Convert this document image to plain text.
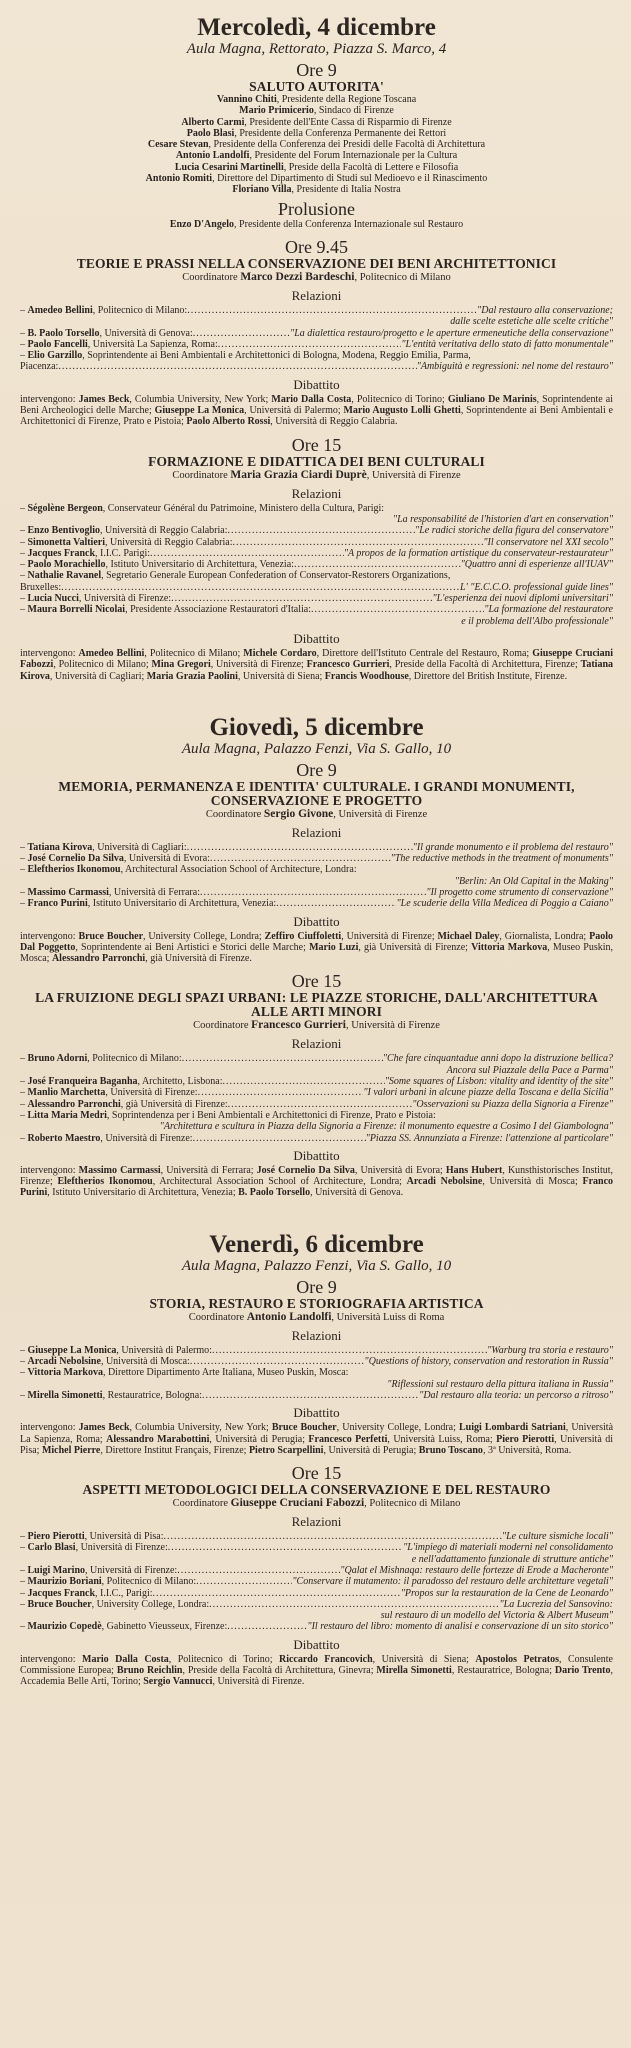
Mercoledì, 4 dicembre
Aula Magna, Rettorato, Piazza S. Marco, 4
Ore 9
SALUTO AUTORITA'
Vannino Chiti, Presidente della Regione Toscana
Mario Primicerio, Sindaco di Firenze
Alberto Carmi, Presidente dell'Ente Cassa di Risparmio di Firenze
Paolo Blasi, Presidente della Conferenza Permanente dei Rettori
Cesare Stevan, Presidente della Conferenza dei Presidi delle Facoltà di Architettura
Antonio Landolfi, Presidente del Forum Internazionale per la Cultura
Lucia Cesarini Martinelli, Preside della Facoltà di Lettere e Filosofia
Antonio Romiti, Direttore del Dipartimento di Studi sul Medioevo e il Rinascimento
Floriano Villa, Presidente di Italia Nostra
Prolusione
Enzo D'Angelo, Presidente della Conferenza Internazionale sul Restauro
Ore 9.45
TEORIE E PRASSI NELLA CONSERVAZIONE DEI BENI ARCHITETTONICI
Coordinatore Marco Dezzi Bardeschi, Politecnico di Milano
Relazioni
– Amedeo Bellini, Politecnico di Milano: .....	"Dal restauro alla conservazione;
dalle scelte estetiche alle scelte critiche"
– B. Paolo Torsello, Università di Genova: .....	"La dialettica restauro/progetto e le aperture ermeneutiche della conservazione"
– Paolo Fancelli, Università La Sapienza, Roma: .....	"L'entità veritativa dello stato di fatto monumentale"
– Elio Garzillo, Soprintendente ai Beni Ambientali e Architettonici di Bologna, Modena, Reggio Emilia, Parma,
Piacenza: .....	"Ambiguità e regressioni: nel nome del restauro"
Dibattito
intervengono: James Beck, Columbia University, New York; Mario Dalla Costa, Politecnico di Torino; Giuliano De Marinis, Soprintendente ai Beni Archeologici delle Marche; Giuseppe La Monica, Università di Palermo; Mario Augusto Lolli Ghetti, Soprintendente ai Beni Ambientali e Architettonici di Firenze, Prato e Pistoia; Paolo Alberto Rossi, Università di Reggio Calabria.
Ore 15
FORMAZIONE E DIDATTICA DEI BENI CULTURALI
Coordinatore Maria Grazia Ciardi Duprè, Università di Firenze
Relazioni
– Ségolène Bergeon, Conservateur Général du Patrimoine, Ministero della Cultura, Parigi:
"La responsabilité de l'historien d'art en conservation"
– Enzo Bentivoglio, Università di Reggio Calabria: .....	"Le radici storiche della figura del conservatore"
– Simonetta Valtieri, Università di Reggio Calabria: .....	"Il conservatore nel XXI secolo"
– Jacques Franck, I.I.C. Parigi: .....	"A propos de la formation artistique du conservateur-restaurateur"
– Paolo Morachiello, Istituto Universitario di Architettura, Venezia: .....	"Quattro anni di esperienze all'IUAV"
– Nathalie Ravanel, Segretario Generale European Confederation of Conservator-Restorers Organizations,
Bruxelles: .....	L' "E.C.C.O. professional guide lines"
– Lucia Nucci, Università di Firenze: .....	"L'esperienza dei nuovi diplomi universitari"
– Maura Borrelli Nicolai, Presidente Associazione Restauratori d'Italia: .....	"La formazione del restauratore
e il problema dell'Albo professionale"
Dibattito
intervengono: Amedeo Bellini, Politecnico di Milano; Michele Cordaro, Direttore dell'Istituto Centrale del Restauro, Roma; Giuseppe Cruciani Fabozzi, Politecnico di Milano; Mina Gregori, Università di Firenze; Francesco Gurrieri, Preside della Facoltà di Architettura, Firenze; Tatiana Kirova, Università di Cagliari; Maria Grazia Paolini, Università di Siena; Francis Woodhouse, Direttore del British Institute, Firenze.
Giovedì, 5 dicembre
Aula Magna, Palazzo Fenzi, Via S. Gallo, 10
Ore 9
MEMORIA, PERMANENZA E IDENTITA' CULTURALE. I GRANDI MONUMENTI, CONSERVAZIONE E PROGETTO
Coordinatore Sergio Givone, Università di Firenze
Relazioni
– Tatiana Kirova, Università di Cagliari: .....	"Il grande monumento e il problema del restauro"
– José Cornelio Da Silva, Università di Evora: .....	"The reductive methods in the treatment of monuments"
– Eleftherios Ikonomou, Architectural Association School of Architecture, Londra:
"Berlin: An Old Capital in the Making"
– Massimo Carmassi, Università di Ferrara: .....	"Il progetto come strumento di conservazione"
– Franco Purini, Istituto Universitario di Architettura, Venezia: .....	"Le scuderie della Villa Medicea di Poggio a Caiano"
Dibattito
intervengono: Bruce Boucher, University College, Londra; Zeffiro Ciuffoletti, Università di Firenze; Michael Daley, Giornalista, Londra; Paolo Dal Poggetto, Soprintendente ai Beni Artistici e Storici delle Marche; Mario Luzi, già Università di Firenze; Vittoria Markova, Museo Puskin, Mosca; Alessandro Parronchi, già Università di Firenze.
Ore 15
LA FRUIZIONE DEGLI SPAZI URBANI: LE PIAZZE STORICHE, DALL'ARCHITETTURA ALLE ARTI MINORI
Coordinatore Francesco Gurrieri, Università di Firenze
Relazioni
– Bruno Adorni, Politecnico di Milano: .....	"Che fare cinquantadue anni dopo la distruzione bellica?
Ancora sul Piazzale della Pace a Parma"
– José Franqueira Baganha, Architetto, Lisbona: .....	"Some squares of Lisbon: vitality and identity of the site"
– Manlio Marchetta, Università di Firenze: .....	"I valori urbani in alcune piazze della Toscana e della Sicilia"
– Alessandro Parronchi, già Università di Firenze: .....	"Osservazioni su Piazza della Signoria a Firenze"
– Litta Maria Medri, Soprintendenza per i Beni Ambientali e Architettonici di Firenze, Prato e Pistoia:
"Architettura e scultura in Piazza della Signoria a Firenze: il monumento equestre a Cosimo I del Giambologna"
– Roberto Maestro, Università di Firenze: .....	"Piazza SS. Annunziata a Firenze: l'attenzione al particolare"
Dibattito
intervengono: Massimo Carmassi, Università di Ferrara; José Cornelio Da Silva, Università di Evora; Hans Hubert, Kunsthistorisches Institut, Firenze; Eleftherios Ikonomou, Architectural Association School of Architecture, Londra; Arcadi Nebolsine, Università di Mosca; Franco Purini, Istituto Universitario di Architettura, Venezia; B. Paolo Torsello, Università di Genova.
Venerdì, 6 dicembre
Aula Magna, Palazzo Fenzi, Via S. Gallo, 10
Ore 9
STORIA, RESTAURO E STORIOGRAFIA ARTISTICA
Coordinatore Antonio Landolfi, Università Luiss di Roma
Relazioni
– Giuseppe La Monica, Università di Palermo: .....	"Warburg tra storia e restauro"
– Arcadi Nebolsine, Università di Mosca: .....	"Questions of history, conservation and restoration in Russia"
– Vittoria Markova, Direttore Dipartimento Arte Italiana, Museo Puskin, Mosca:
"Riflessioni sul restauro della pittura italiana in Russia"
– Mirella Simonetti, Restauratrice, Bologna: .....	"Dal restauro alla teoria: un percorso a ritroso"
Dibattito
intervengono: James Beck, Columbia University, New York; Bruce Boucher, University College, Londra; Luigi Lombardi Satriani, Università La Sapienza, Roma; Alessandro Marabottini, Università di Perugia; Francesco Perfetti, Università Luiss, Roma; Piero Pierotti, Università di Pisa; Michel Pierre, Direttore Institut Français, Firenze; Pietro Scarpellini, Università di Perugia; Bruno Toscano, 3ª Università, Roma.
Ore 15
ASPETTI METODOLOGICI DELLA CONSERVAZIONE E DEL RESTAURO
Coordinatore Giuseppe Cruciani Fabozzi, Politecnico di Milano
Relazioni
– Piero Pierotti, Università di Pisa: .....	"Le culture sismiche locali"
– Carlo Blasi, Università di Firenze: .....	"L'impiego di materiali moderni nel consolidamento
e nell'adattamento funzionale di strutture antiche"
– Luigi Marino, Università di Firenze: .....	"Qalat el Mishnaqa: restauro delle fortezze di Erode a Macheronte"
– Maurizio Boriani, Politecnico di Milano: .....	"Conservare il mutamento: il paradosso del restauro delle architetture vegetali"
– Jacques Franck, I.I.C., Parigi: .....	"Propos sur la restauration de la Cene de Leonardo"
– Bruce Boucher, University College, Londra: .....	"La Lucrezia del Sansovino:
sul restauro di un modello del Victoria & Albert Museum"
– Maurizio Copedè, Gabinetto Vieusseux, Firenze: .....	"Il restauro del libro: momento di analisi e conservazione di un sito storico"
Dibattito
intervengono: Mario Dalla Costa, Politecnico di Torino; Riccardo Francovich, Università di Siena; Apostolos Petratos, Consulente Commissione Europea; Bruno Reichlin, Preside della Facoltà di Architettura, Ginevra; Mirella Simonetti, Restauratrice, Bologna; Dario Trento, Accademia Belle Arti, Torino; Sergio Vannucci, Università di Firenze.
